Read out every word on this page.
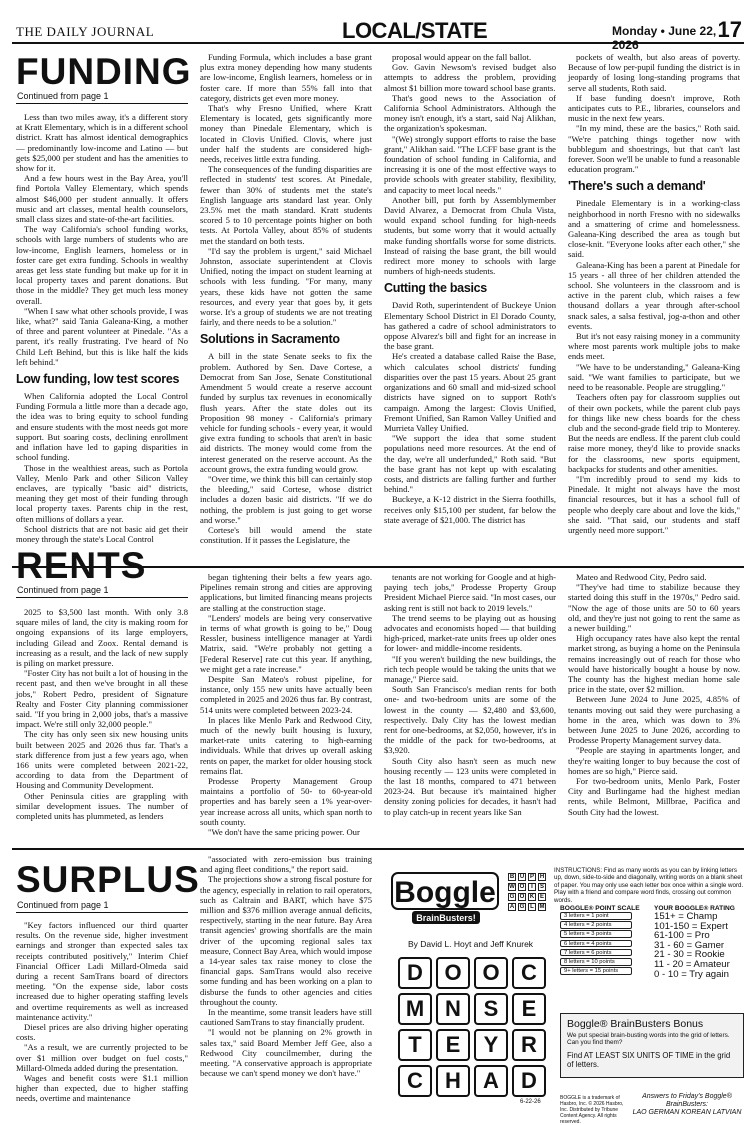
THE DAILY JOURNAL	LOCAL/STATE	Monday • June 22, 2026
17
FUNDING
Continued from page 1

Less than two miles away, it's a different story at Kratt Elementary, which is in a different school district. Kratt has almost identical demographics — predominantly low-income and Latino — but gets $25,000 per student and has the amenities to show for it.

And a few hours west in the Bay Area, you'll find Portola Valley Elementary, which spends almost $46,000 per student annually. It offers music and art classes, mental health counselors, small class sizes and state-of-the-art facilities.

The way California's school funding works, schools with large numbers of students who are low-income, English learners, homeless or in foster care get extra funding. Schools in wealthy areas get less state funding but make up for it in local property taxes and parent donations. But those in the middle? They get much less money overall.

"When I saw what other schools provide, I was like, what?" said Tania Galeana-King, a mother of three and parent volunteer at Pinedale. "As a parent, it's really frustrating. I've heard of No Child Left Behind, but this is like half the kids left behind."

Low funding, low test scores

When California adopted the Local Control Funding Formula a little more than a decade ago, the idea was to bring equity to school funding and ensure students with the most needs got more support. But soaring costs, declining enrollment and inflation have led to gaping disparities in school funding.

Those in the wealthiest areas, such as Portola Valley, Menlo Park and other Silicon Valley enclaves, are typically "basic aid" districts, meaning they get most of their funding through local property taxes. Parents chip in the rest, often millions of dollars a year.

School districts that are not basic aid get their money through the state's Local Control

Funding Formula, which includes a base grant plus extra money depending how many students are low-income, English learners, homeless or in foster care. If more than 55% fall into that category, districts get even more money.

That's why Fresno Unified, where Kratt Elementary is located, gets significantly more money than Pinedale Elementary, which is located in Clovis Unified. Clovis, where just under half the students are considered high-needs, receives little extra funding.

The consequences of the funding disparities are reflected in students' test scores. At Pinedale, fewer than 30% of students met the state's English language arts standard last year. Only 23.5% met the math standard. Kratt students scored 5 to 10 percentage points higher on both tests. At Portola Valley, about 85% of students met the standard on both tests.

"I'd say the problem is urgent," said Michael Johnston, associate superintendent at Clovis Unified, noting the impact on student learning at schools with less funding. "For many, many years, these kids have not gotten the same resources, and every year that goes by, it gets worse. It's a group of students we are not treating fairly, and there needs to be a solution."

Solutions in Sacramento

A bill in the state Senate seeks to fix the problem. Authored by Sen. Dave Cortese, a Democrat from San Jose, Senate Constitutional Amendment 5 would create a reserve account funded by surplus tax revenues in economically flush years. After the state doles out its Proposition 98 money - California's primary vehicle for funding schools - every year, it would give extra funding to schools that aren't in basic aid districts. The money would come from the interest generated on the reserve account. As the account grows, the extra funding would grow.

"Over time, we think this bill can certainly stop the bleeding," said Cortese, whose district includes a dozen basic aid districts. "If we do nothing, the problem is just going to get worse and worse."

Cortese's bill would amend the state constitution. If it passes the Legislature, the

proposal would appear on the fall ballot.

Gov. Gavin Newsom's revised budget also attempts to address the problem, providing almost $1 billion more toward school base grants.

That's good news to the Association of California School Administrators. Although the money isn't enough, it's a start, said Naj Alikhan, the organization's spokesman.

"(We) strongly support efforts to raise the base grant," Alikhan said. "The LCFF base grant is the foundation of school funding in California, and increasing it is one of the most effective ways to provide schools with greater stability, flexibility, and capacity to meet local needs."

Another bill, put forth by Assemblymember David Alvarez, a Democrat from Chula Vista, would expand school funding for high-needs students, but some worry that it would actually make funding shortfalls worse for some districts. Instead of raising the base grant, the bill would redirect more money to schools with large numbers of high-needs students.

Cutting the basics

David Roth, superintendent of Buckeye Union Elementary School District in El Dorado County, has gathered a cadre of school administrators to oppose Alvarez's bill and fight for an increase in the base grant.

He's created a database called Raise the Base, which calculates school districts' funding disparities over the past 15 years. About 25 grant organizations and 60 small and mid-sized school districts have signed on to support Roth's campaign. Among the largest: Clovis Unified, Fremont Unified, San Ramon Valley Unified and Murrieta Valley Unified.

"We support the idea that some student populations need more resources. At the end of the day, we're all underfunded," Roth said. "But the base grant has not kept up with escalating costs, and districts are falling further and further behind."

Buckeye, a K-12 district in the Sierra foothills, receives only $15,100 per student, far below the state average of $21,000. The district has

pockets of wealth, but also areas of poverty. Because of low per-pupil funding the district is in jeopardy of losing long-standing programs that serve all students, Roth said.

If base funding doesn't improve, Roth anticipates cuts to P.E., libraries, counselors and music in the next few years.

"In my mind, these are the basics," Roth said. "We're patching things together now with bubblegum and shoestrings, but that can't last forever. Soon we'll be unable to fund a reasonable education program."

'There's such a demand'

Pinedale Elementary is in a working-class neighborhood in north Fresno with no sidewalks and a smattering of crime and homelessness. Galeana-King described the area as tough but close-knit. "Everyone looks after each other," she said.

Galeana-King has been a parent at Pinedale for 15 years - all three of her children attended the school. She volunteers in the classroom and is active in the parent club, which raises a few thousand dollars a year through after-school snack sales, a salsa festival, jog-a-thon and other events.

But it's not easy raising money in a community where most parents work multiple jobs to make ends meet.

"We have to be understanding," Galeana-King said. "We want families to participate, but we need to be reasonable. People are struggling."

Teachers often pay for classroom supplies out of their own pockets, while the parent club pays for things like new chess boards for the chess club and the second-grade field trip to Monterey. But the needs are endless. If the parent club could raise more money, they'd like to provide snacks for the classrooms, new sports equipment, backpacks for students and other amenities.

"I'm incredibly proud to send my kids to Pinedale. It might not always have the most financial resources, but it has a school full of people who deeply care about and love the kids," she said. "That said, our students and staff urgently need more support."

RENTS
Continued from page 1

2025 to $3,500 last month. With only 3.8 square miles of land, the city is making room for ongoing expansions of its large employers, including Gilead and Zoox. Rental demand is increasing as a result, and the lack of new supply is piling on market pressure.

"Foster City has not built a lot of housing in the recent past, and then we've brought in all these jobs," Robert Pedro, president of Signature Realty and Foster City planning commissioner said. "If you bring in 2,000 jobs, that's a massive impact. We're still only 32,000 people."

The city has only seen six new housing units built between 2025 and 2026 thus far. That's a stark difference from just a few years ago, when 166 units were completed between 2021-22, according to data from the Department of Housing and Community Development.

Other Peninsula cities are grappling with similar development issues. The number of completed units has plummeted, as lenders

began tightening their belts a few years ago. Pipelines remain strong and cities are approving applications, but limited financing means projects are stalling at the construction stage.

"Lenders' models are being very conservative in terms of what growth is going to be," Doug Ressler, business intelligence manager at Yardi Matrix, said. "We're probably not getting a [Federal Reserve] rate cut this year. If anything, we might get a rate increase."

Despite San Mateo's robust pipeline, for instance, only 155 new units have actually been completed in 2025 and 2026 thus far. By contrast, 514 units were completed between 2023-24.

In places like Menlo Park and Redwood City, much of the newly built housing is luxury, market-rate units catering to high-earning individuals. While that drives up overall asking rents on paper, the market for older housing stock remains flat.

Prodesse Property Management Group maintains a portfolio of 50- to 60-year-old properties and has barely seen a 1% year-over-year increase across all units, which span north to south county.

"We don't have the same pricing power. Our

tenants are not working for Google and at high-paying tech jobs," Prodesse Property Group President Michael Pierce said. "In most cases, our asking rent is still not back to 2019 levels."

The trend seems to be playing out as housing advocates and economists hoped — that building high-priced, market-rate units frees up older ones for lower- and middle-income residents.

"If you weren't building the new buildings, the rich tech people would be taking the units that we manage," Pierce said.

South San Francisco's median rents for both one- and two-bedroom units are some of the lowest in the county — $2,480 and $3,600, respectively. Daly City has the lowest median rent for one-bedrooms, at $2,050, however, it's in the middle of the pack for two-bedrooms, at $3,920.

South City also hasn't seen as much new housing recently — 123 units were completed in the last 18 months, compared to 471 between 2023-24. But because it's maintained higher density zoning policies for decades, it hasn't had to play catch-up in recent years like San

Mateo and Redwood City, Pedro said.

"They've had time to stabilize because they started doing this stuff in the 1970s," Pedro said. "Now the age of those units are 50 to 60 years old, and they're just not going to rent the same as a newer building."

High occupancy rates have also kept the rental market strong, as buying a home on the Peninsula remains increasingly out of reach for those who would have historically bought a house by now. The county has the highest median home sale price in the state, over $2 million.

Between June 2024 to June 2025, 4.85% of tenants moving out said they were purchasing a home in the area, which was down to 3% between June 2025 to June 2026, according to Prodesse Property Management survey data.

"People are staying in apartments longer, and they're waiting longer to buy because the cost of homes are so high," Pierce said.

For two-bedroom units, Menlo Park, Foster City and Burlingame had the highest median rents, while Belmont, Millbrae, Pacifica and South City had the lowest.

SURPLUS
Continued from page 1

"Key factors influenced our third quarter results. On the revenue side, higher investment earnings and stronger than expected sales tax receipts contributed positively," Interim Chief Financial Officer Ladi Millard-Olmeda said during a recent SamTrans board of directors meeting. "On the expense side, labor costs increased due to higher operating staffing levels and overtime requirements as well as increased maintenance activity."

Diesel prices are also driving higher operating costs.

"As a result, we are currently projected to be over $1 million over budget on fuel costs," Millard-Olmeda added during the presentation.

Wages and benefit costs were $1.1 million higher than expected, due to higher staffing needs, overtime and maintenance

"associated with zero-emission bus training and aging fleet conditions," the report said.

The projections show a strong fiscal posture for the agency, especially in relation to rail operators, such as Caltrain and BART, which have $75 million and $376 million average annual deficits, respectively, starting in the near future. Bay Area transit agencies' growing shortfalls are the main driver of the upcoming regional sales tax measure, Connect Bay Area, which would impose a 14-year sales tax raise money to close the financial gaps. SamTrans would also receive some funding and has been working on a plan to disburse the funds to other agencies and cities throughout the county.

In the meantime, some transit leaders have still cautioned SamTrans to stay financially prudent.

"I would not be planning on 2% growth in sales tax," said Board Member Jeff Gee, also a Redwood City councilmember, during the meeting. "A conservative approach is appropriate because we can't spend money we don't have."

Boggle
BrainBusters!
B U P H
W O	I	S
G O K E
A G L M
By David L. Hoyt and Jeff Knurek
D O O C
M N	S	E
T	E	Y	R
C	H	A	D
6-22-26
INSTRUCTIONS: Find as many words as you can by linking letters up, down, side-to-side and diagonally, writing words on a blank sheet of paper. You may only use each letter box once within a single word. Play with a friend and compare word finds, crossing out common words.
BOGGLE® POINT SCALE
3 letters = 1 point
4 letters = 2 points
5 letters = 3 points
6 letters = 4 points
7 letters = 6 points
8 letters = 10 points
9+ letters = 15 points
YOUR BOGGLE® RATING
151+ = Champ
101-150 = Expert
61-100 = Pro
31 - 60 = Gamer
21 - 30 = Rookie
11 - 20 = Amateur
0 - 10 = Try again
Boggle® BrainBusters Bonus
We put special brain-busting words into the grid of letters. Can you find them?
Find AT LEAST SIX UNITS OF TIME in the grid of letters.
BOGGLE is a trademark of Hasbro, Inc. © 2026 Hasbro, Inc. Distributed by Tribune Content Agency. All rights reserved.
Answers to Friday's Boggle® BrainBusters:
LAO GERMAN KOREAN LATVIAN
